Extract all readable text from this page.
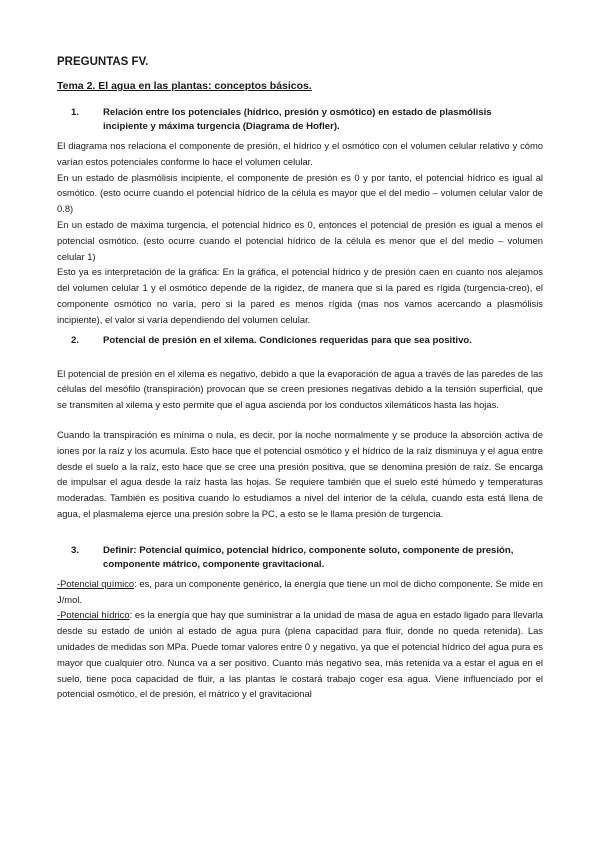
PREGUNTAS FV.
Tema 2. El agua en las plantas: conceptos básicos.
1.	Relación entre los potenciales (hídrico, presión y osmótico) en estado de plasmólisis incipiente y máxima turgencia (Diagrama de Hofler).

El diagrama nos relaciona el componente de presión, el hídrico y el osmótico con el volumen celular relativo y cómo varían estos potenciales conforme lo hace el volumen celular.

En un estado de plasmólisis incipiente, el componente de presión es 0 y por tanto, el potencial hídrico es igual al osmótico. (esto ocurre cuando el potencial hídrico de la célula es mayor que el del medio – volumen celular valor de 0.8)

En un estado de máxima turgencia, el potencial hídrico es 0, entonces el potencial de presión es igual a menos el potencial osmótico. (esto ocurre cuando el potencial hídrico de la célula es menor que el del medio – volumen celular 1)

Esto ya es interpretación de la gráfica: En la gráfica, el potencial hídrico y de presión caen en cuanto nos alejamos del volumen celular 1 y el osmótico depende de la rigidez, de manera que si la pared es rígida (turgencia-creo), el componente osmótico no varía, pero si la pared es menos rígida (mas nos vamos acercando a plasmólisis incipiente), el valor si varía dependiendo del volumen celular.

2.	Potencial de presión en el xilema. Condiciones requeridas para que sea positivo.

El potencial de presión en el xilema es negativo, debido a que la evaporación de agua a través de las paredes de las células del mesófilo (transpiración) provocan que se creen presiones negativas debido a la tensión superficial, que se transmiten al xilema y esto permite que el agua ascienda por los conductos xilemáticos hasta las hojas.

Cuando la transpiración es mínima o nula, es decir, por la noche normalmente y se produce la absorción activa de iones por la raíz y los acumula. Esto hace que el potencial osmótico y el hídrico de la raíz disminuya y el agua entre desde el suelo a la raíz, esto hace que se cree una presión positiva, que se denomina presión de raíz. Se encarga de impulsar el agua desde la raíz hasta las hojas. Se requiere también que el suelo esté húmedo y temperaturas moderadas. También es positiva cuando lo estudiamos a nivel del interior de la célula, cuando esta está llena de agua, el plasmalema ejerce una presión sobre la PC, a esto se le llama presión de turgencia.

3.	Definir: Potencial químico, potencial hídrico, componente soluto, componente de presión, componente mátrico, componente gravitacional.

-Potencial químico: es, para un componente genérico, la energía que tiene un mol de dicho componente. Se mide en J/mol.

-Potencial hídrico: es la energía que hay que suministrar a la unidad de masa de agua en estado ligado para llevarla desde su estado de unión al estado de agua pura (plena capacidad para fluir, donde no queda retenida). Las unidades de medidas son MPa. Puede tomar valores entre 0 y negativo, ya que el potencial hídrico del agua pura es mayor que cualquier otro. Nunca va a ser positivo. Cuanto más negativo sea, más retenida va a estar el agua en el suelo, tiene poca capacidad de fluir, a las plantas le costará trabajo coger esa agua. Viene influenciado por el potencial osmótico, el de presión, el mátrico y el gravitacional
